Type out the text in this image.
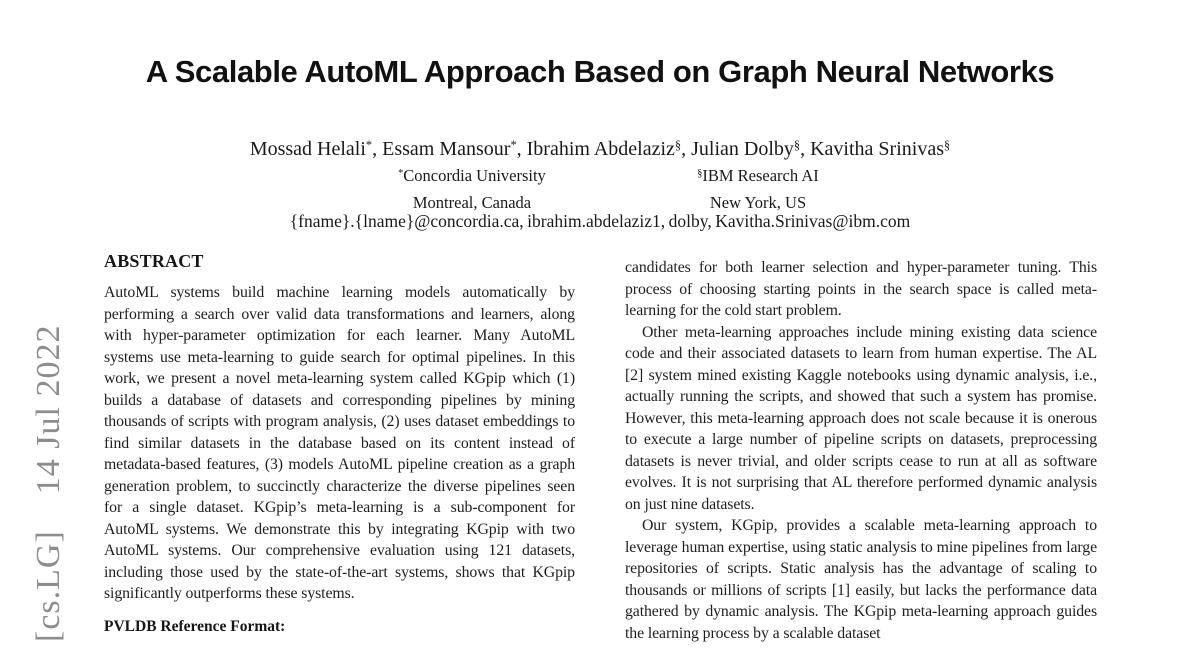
[cs.LG]  14 Jul 2022
A Scalable AutoML Approach Based on Graph Neural Networks
Mossad Helali*, Essam Mansour*, Ibrahim Abdelaziz§, Julian Dolby§, Kavitha Srinivas§
*Concordia University
Montreal, Canada
§IBM Research AI
New York, US
{fname}.{lname}@concordia.ca, ibrahim.abdelaziz1, dolby, Kavitha.Srinivas@ibm.com
ABSTRACT

AutoML systems build machine learning models automatically by performing a search over valid data transformations and learners, along with hyper-parameter optimization for each learner. Many AutoML systems use meta-learning to guide search for optimal pipelines. In this work, we present a novel meta-learning system called KGpip which (1) builds a database of datasets and corresponding pipelines by mining thousands of scripts with program analysis, (2) uses dataset embeddings to find similar datasets in the database based on its content instead of metadata-based features, (3) models AutoML pipeline creation as a graph generation problem, to succinctly characterize the diverse pipelines seen for a single dataset. KGpip’s meta-learning is a sub-component for AutoML systems. We demonstrate this by integrating KGpip with two AutoML systems. Our comprehensive evaluation using 121 datasets, including those used by the state-of-the-art systems, shows that KGpip significantly outperforms these systems.

PVLDB Reference Format:

candidates for both learner selection and hyper-parameter tuning. This process of choosing starting points in the search space is called meta-learning for the cold start problem.

Other meta-learning approaches include mining existing data science code and their associated datasets to learn from human expertise. The AL [2] system mined existing Kaggle notebooks using dynamic analysis, i.e., actually running the scripts, and showed that such a system has promise. However, this meta-learning approach does not scale because it is onerous to execute a large number of pipeline scripts on datasets, preprocessing datasets is never trivial, and older scripts cease to run at all as software evolves. It is not surprising that AL therefore performed dynamic analysis on just nine datasets.

Our system, KGpip, provides a scalable meta-learning approach to leverage human expertise, using static analysis to mine pipelines from large repositories of scripts. Static analysis has the advantage of scaling to thousands or millions of scripts [1] easily, but lacks the performance data gathered by dynamic analysis. The KGpip meta-learning approach guides the learning process by a scalable dataset
